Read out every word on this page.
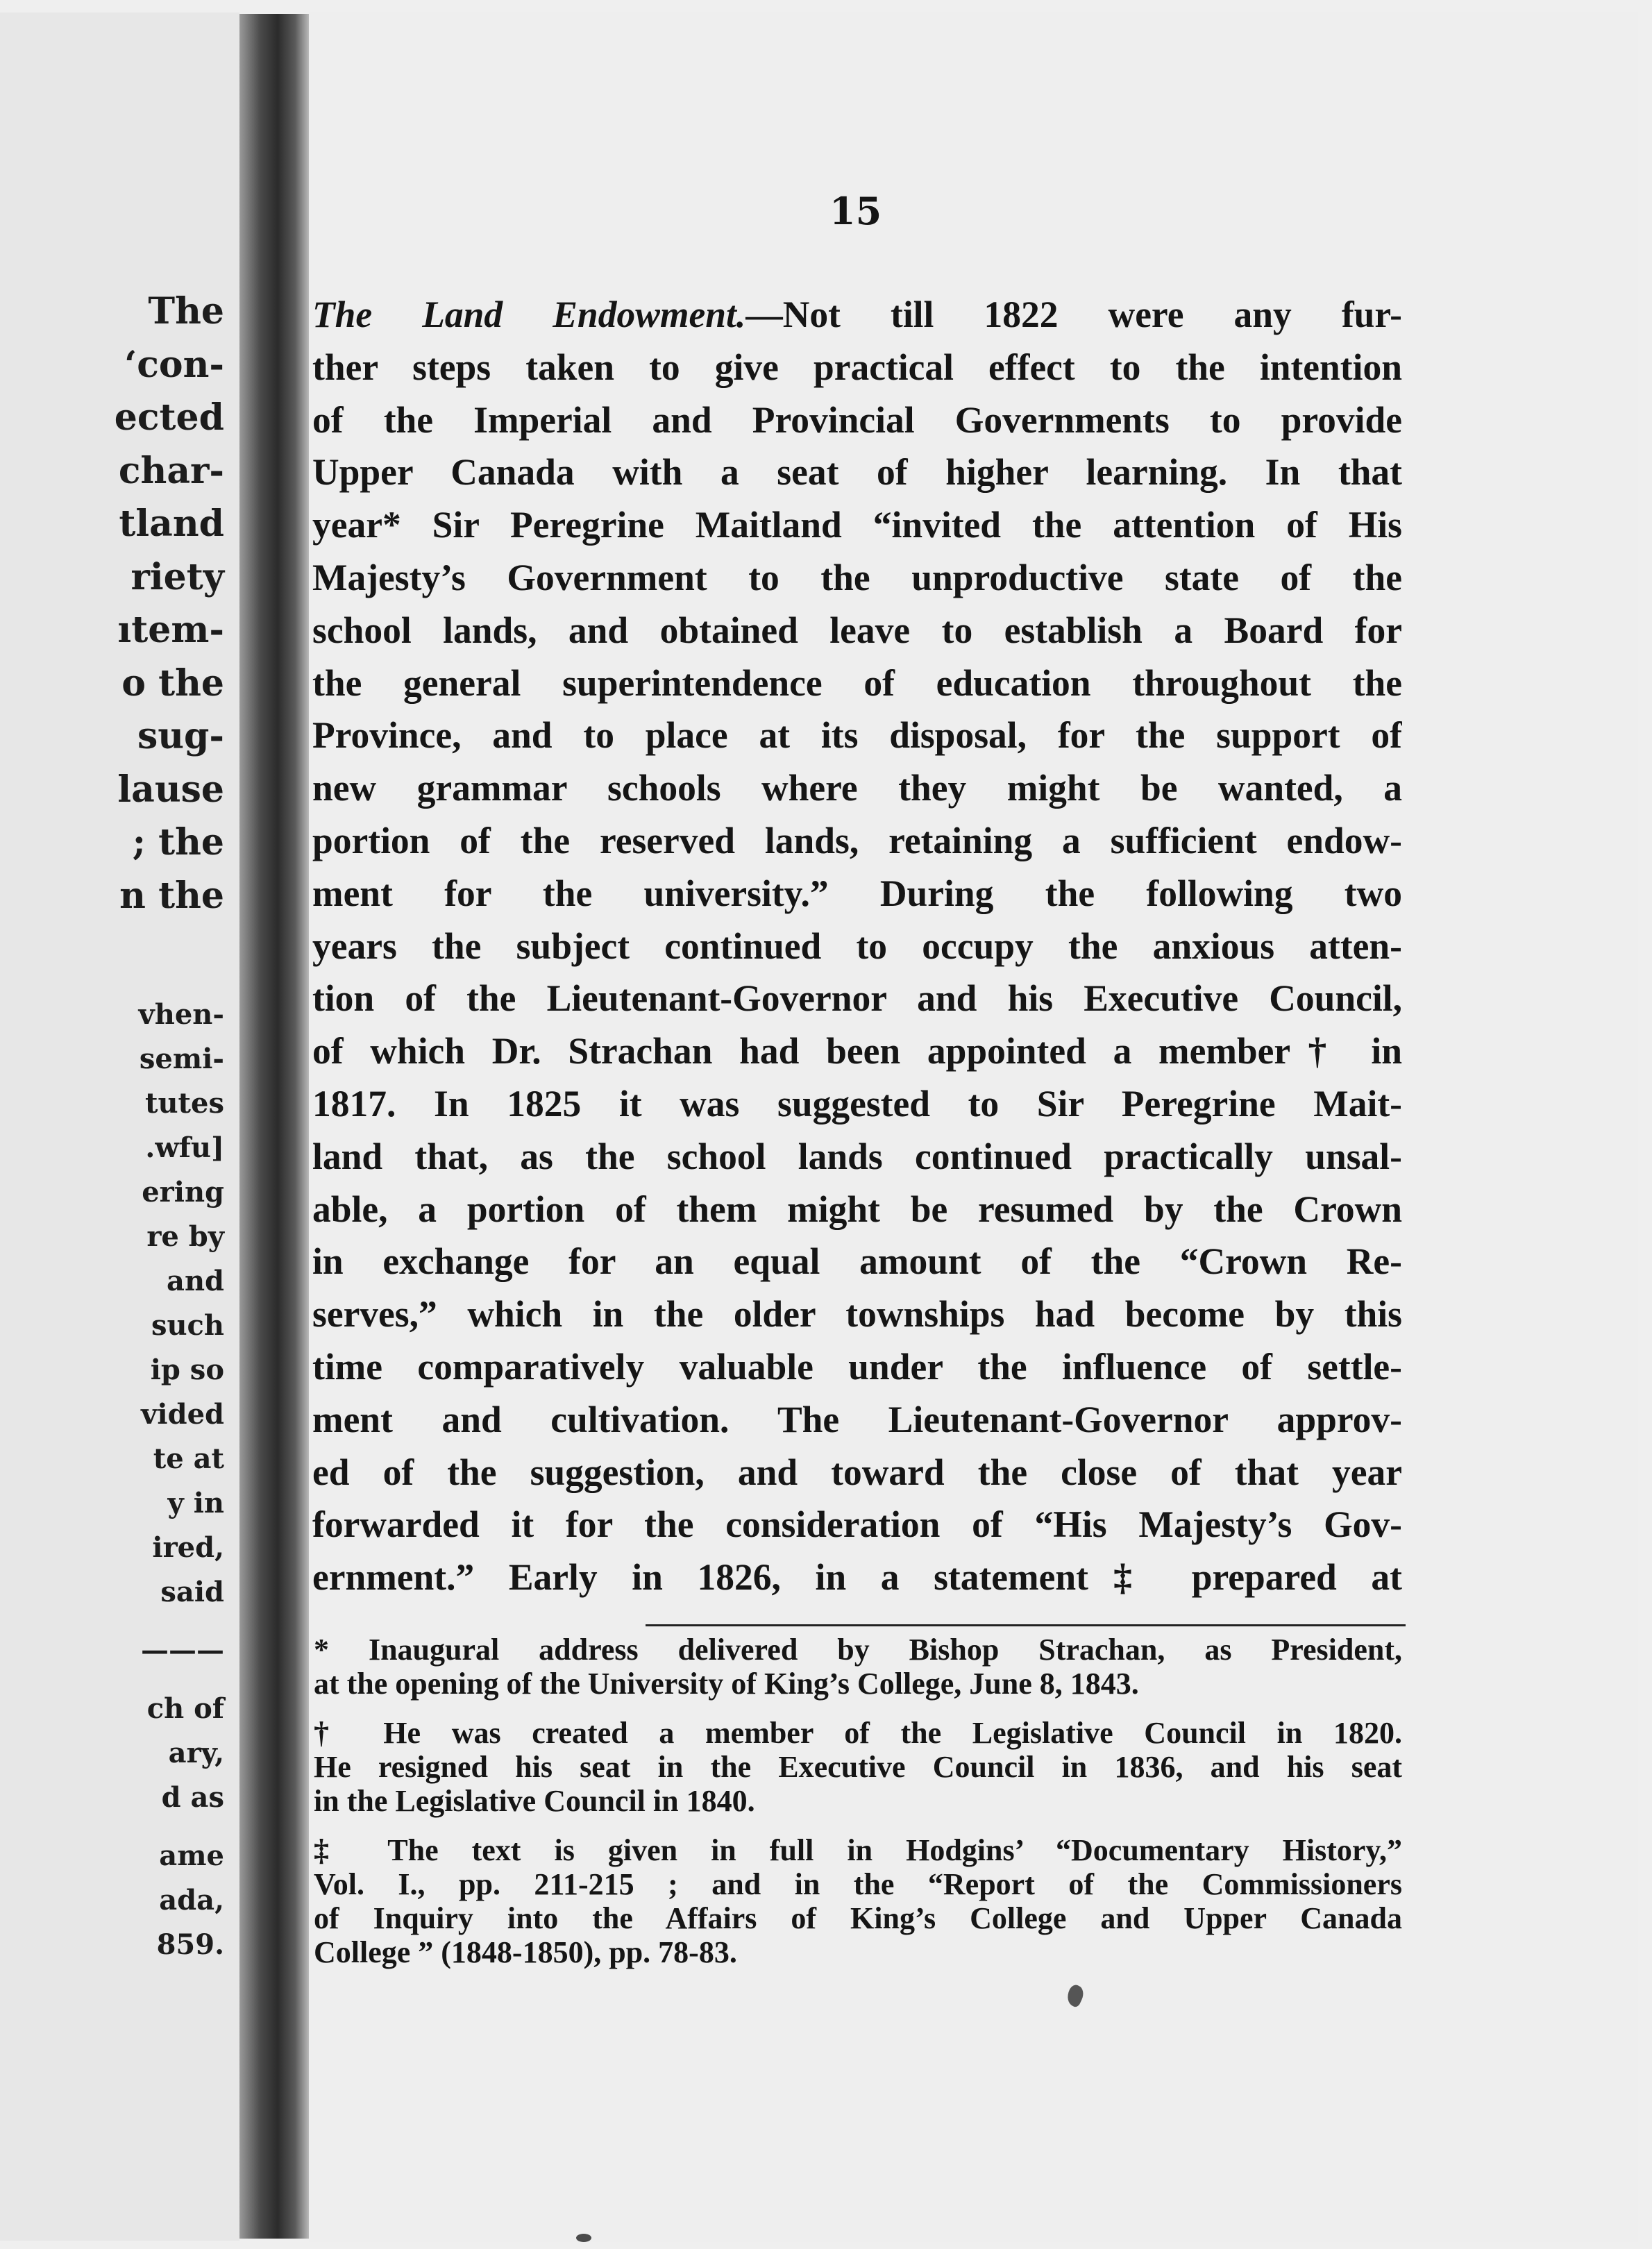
The
‘con-
ected
char-
tland
riety
ıtem-
o the
sug-
lause
; the
n the
vhen-
semi-
tutes
.wfu]
ering
re by
and
such
ip so
vided
te at
y in
ired,
said
———
ch of
ary,
d as
ame
ada,
859.
15
The Land Endowment.—Not till 1822 were any fur-
ther steps taken to give practical effect to the intention
of the Imperial and Provincial Governments to provide
Upper Canada with a seat of higher learning. In that
year* Sir Peregrine Maitland “invited the attention of His
Majesty’s Government to the unproductive state of the
school lands, and obtained leave to establish a Board for
the general superintendence of education throughout the
Province, and to place at its disposal, for the support of
new grammar schools where they might be wanted, a
portion of the reserved lands, retaining a sufficient endow-
ment for the university.” During the following two
years the subject continued to occupy the anxious atten-
tion of the Lieutenant-Governor and his Executive Council,
of which Dr. Strachan had been appointed a member† in
1817. In 1825 it was suggested to Sir Peregrine Mait-
land that, as the school lands continued practically unsal-
able, a portion of them might be resumed by the Crown
in exchange for an equal amount of the “Crown Re-
serves,” which in the older townships had become by this
time comparatively valuable under the influence of settle-
ment and cultivation. The Lieutenant-Governor approv-
ed of the suggestion, and toward the close of that year
forwarded it for the consideration of “His Majesty’s Gov-
ernment.” Early in 1826, in a statement‡ prepared at
* Inaugural address delivered by Bishop Strachan, as President,
at the opening of the University of King’s College, June 8, 1843.
† He was created a member of the Legislative Council in 1820.
He resigned his seat in the Executive Council in 1836, and his seat
in the Legislative Council in 1840.
‡ The text is given in full in Hodgins’ “Documentary History,”
Vol. I., pp. 211-215 ; and in the “Report of the Commissioners
of Inquiry into the Affairs of King’s College and Upper Canada
College ” (1848-1850), pp. 78-83.
